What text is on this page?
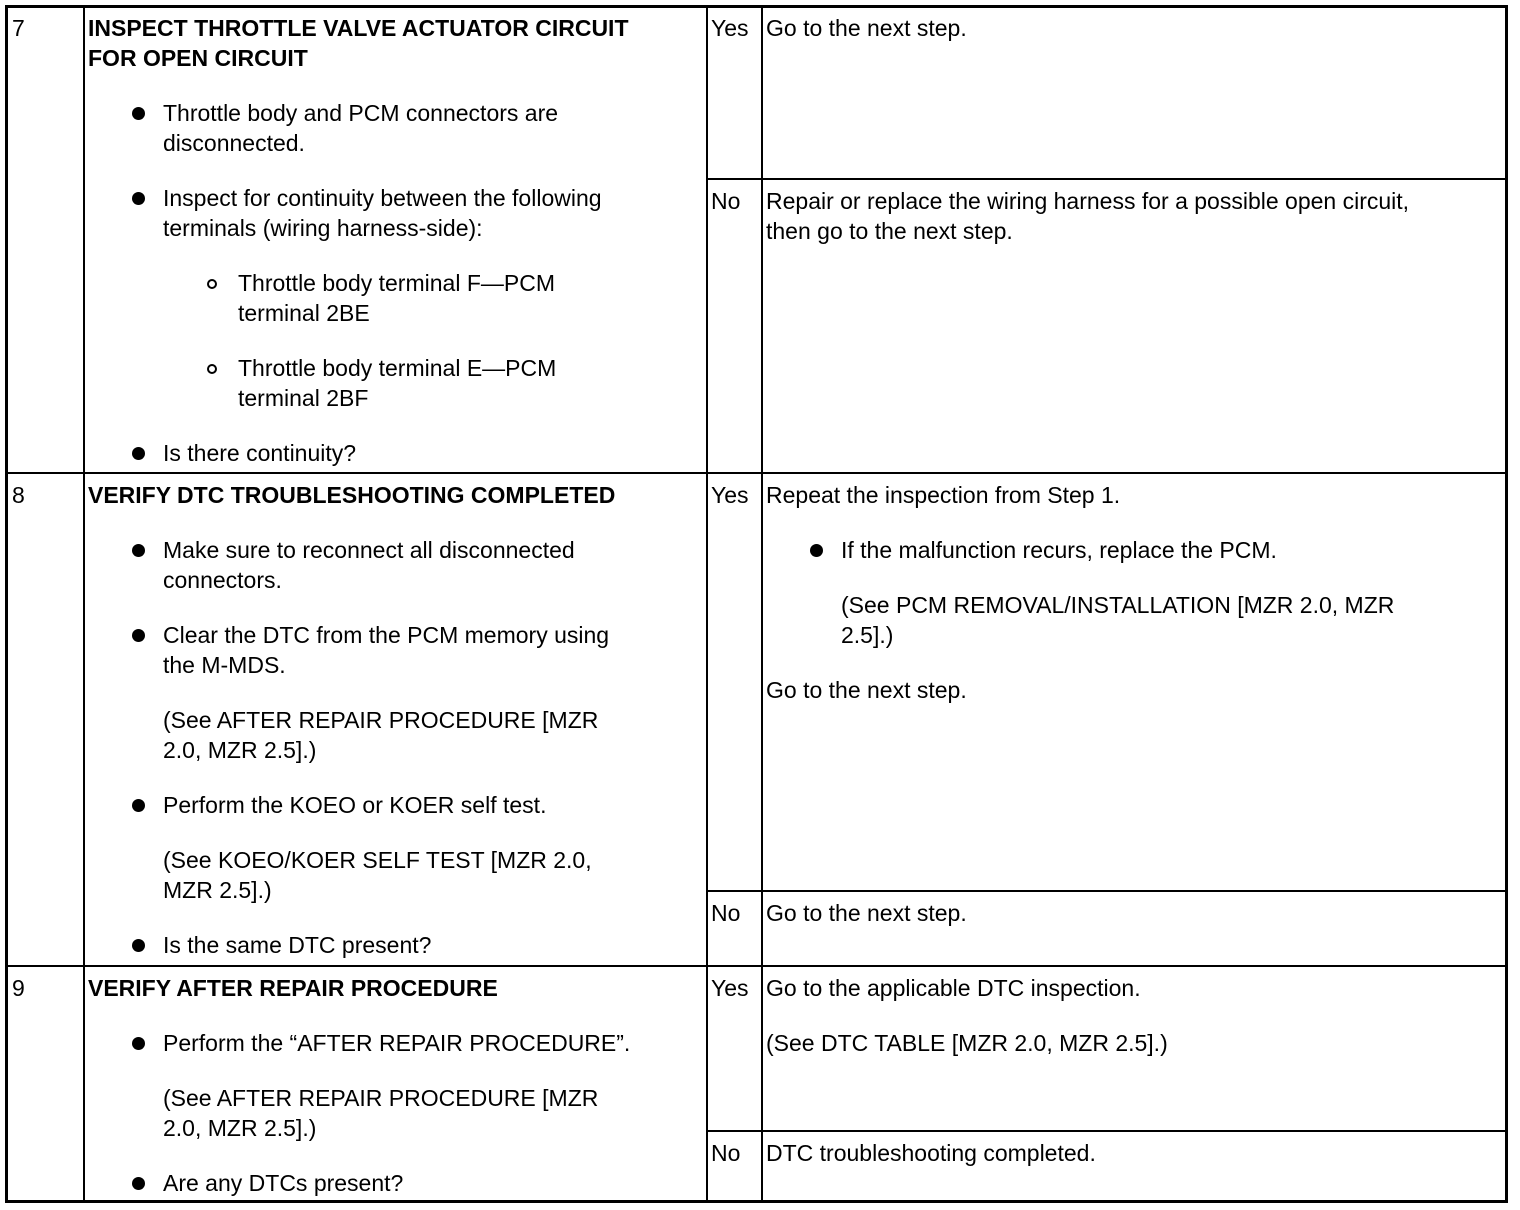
7	INSPECT THROTTLE VALVE ACTUATOR CIRCUIT
FOR OPEN CIRCUIT
Throttle body and PCM connectors are
disconnected.
Inspect for continuity between the following
terminals (wiring harness-side):
Throttle body terminal F—PCM
terminal 2BE
Throttle body terminal E—PCM
terminal 2BF
Is there continuity?
Yes Go to the next step.
No Repair or replace the wiring harness for a possible open circuit,
then go to the next step.
8	VERIFY DTC TROUBLESHOOTING COMPLETED
Make sure to reconnect all disconnected
connectors.
Clear the DTC from the PCM memory using
the M-MDS.
(See AFTER REPAIR PROCEDURE [MZR
2.0, MZR 2.5].)
Perform the KOEO or KOER self test.
(See KOEO/KOER SELF TEST [MZR 2.0,
MZR 2.5].)
Is the same DTC present?
Yes Repeat the inspection from Step 1.
If the malfunction recurs, replace the PCM.
(See PCM REMOVAL/INSTALLATION [MZR 2.0, MZR
2.5].)
Go to the next step.
No Go to the next step.
9	VERIFY AFTER REPAIR PROCEDURE
Perform the “AFTER REPAIR PROCEDURE”.
(See AFTER REPAIR PROCEDURE [MZR
2.0, MZR 2.5].)
Are any DTCs present?
Yes Go to the applicable DTC inspection.
(See DTC TABLE [MZR 2.0, MZR 2.5].)
No DTC troubleshooting completed.
